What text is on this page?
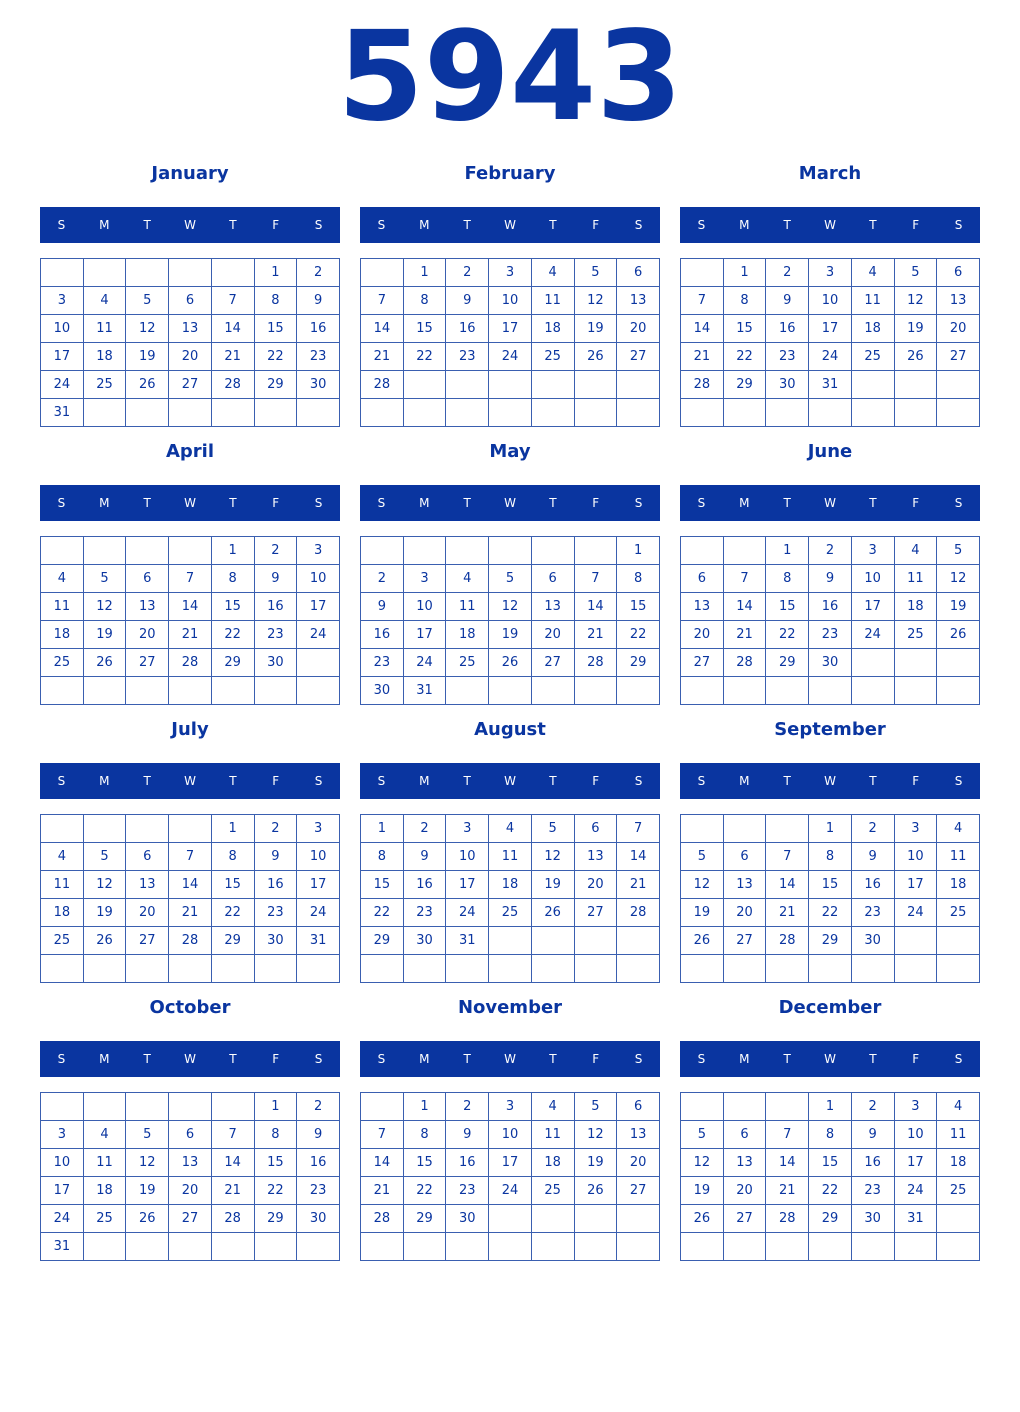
5943
January
S	M	T	W	T	F	S
					1	2
3	4	5	6	7	8	9
10	11	12	13	14	15	16
17	18	19	20	21	22	23
24	25	26	27	28	29	30
31						
February
S	M	T	W	T	F	S
	1	2	3	4	5	6
7	8	9	10	11	12	13
14	15	16	17	18	19	20
21	22	23	24	25	26	27
28						

March
S	M	T	W	T	F	S
	1	2	3	4	5	6
7	8	9	10	11	12	13
14	15	16	17	18	19	20
21	22	23	24	25	26	27
28	29	30	31			

April
S	M	T	W	T	F	S
				1	2	3
4	5	6	7	8	9	10
11	12	13	14	15	16	17
18	19	20	21	22	23	24
25	26	27	28	29	30	

May
S	M	T	W	T	F	S
						1
2	3	4	5	6	7	8
9	10	11	12	13	14	15
16	17	18	19	20	21	22
23	24	25	26	27	28	29
30	31					
June
S	M	T	W	T	F	S
		1	2	3	4	5
6	7	8	9	10	11	12
13	14	15	16	17	18	19
20	21	22	23	24	25	26
27	28	29	30			

July
S	M	T	W	T	F	S
				1	2	3
4	5	6	7	8	9	10
11	12	13	14	15	16	17
18	19	20	21	22	23	24
25	26	27	28	29	30	31

August
S	M	T	W	T	F	S
1	2	3	4	5	6	7
8	9	10	11	12	13	14
15	16	17	18	19	20	21
22	23	24	25	26	27	28
29	30	31				

September
S	M	T	W	T	F	S
			1	2	3	4
5	6	7	8	9	10	11
12	13	14	15	16	17	18
19	20	21	22	23	24	25
26	27	28	29	30		

October
S	M	T	W	T	F	S
					1	2
3	4	5	6	7	8	9
10	11	12	13	14	15	16
17	18	19	20	21	22	23
24	25	26	27	28	29	30
31						
November
S	M	T	W	T	F	S
	1	2	3	4	5	6
7	8	9	10	11	12	13
14	15	16	17	18	19	20
21	22	23	24	25	26	27
28	29	30				

December
S	M	T	W	T	F	S
			1	2	3	4
5	6	7	8	9	10	11
12	13	14	15	16	17	18
19	20	21	22	23	24	25
26	27	28	29	30	31	
